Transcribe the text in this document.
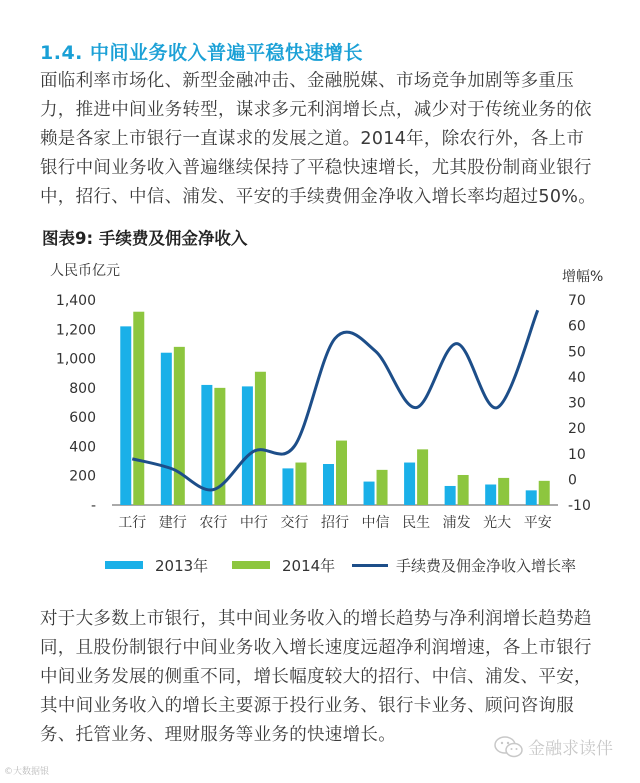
1.4. 中间业务收入普遍平稳快速增长
面临利率市场化、新型金融冲击、金融脱媒、市场竞争加剧等多重压
力，推进中间业务转型，谋求多元利润增长点，减少对于传统业务的依
赖是各家上市银行一直谋求的发展之道。2014年，除农行外，各上市
银行中间业务收入普遍继续保持了平稳快速增长，尤其股份制商业银行
中，招行、中信、浦发、平安的手续费佣金净收入增长率均超过50%。
图表9: 手续费及佣金净收入
人民币亿元	增幅%
1,400
1,200
1,000
800
600
400
200
-
70
60
50
40
30
20
10
0
-10
工行 建行 农行 中行 交行 招行 中信 民生 浦发 光大 平安
2013年	2014年	手续费及佣金净收入增长率
对于大多数上市银行，其中间业务收入的增长趋势与净利润增长趋势趋
同，且股份制银行中间业务收入增长速度远超净利润增速，各上市银行
中间业务发展的侧重不同，增长幅度较大的招行、中信、浦发、平安，
其中间业务收入的增长主要源于投行业务、银行卡业务、顾问咨询服
务、托管业务、理财服务等业务的快速增长。
©大数据银
金融求读伴
